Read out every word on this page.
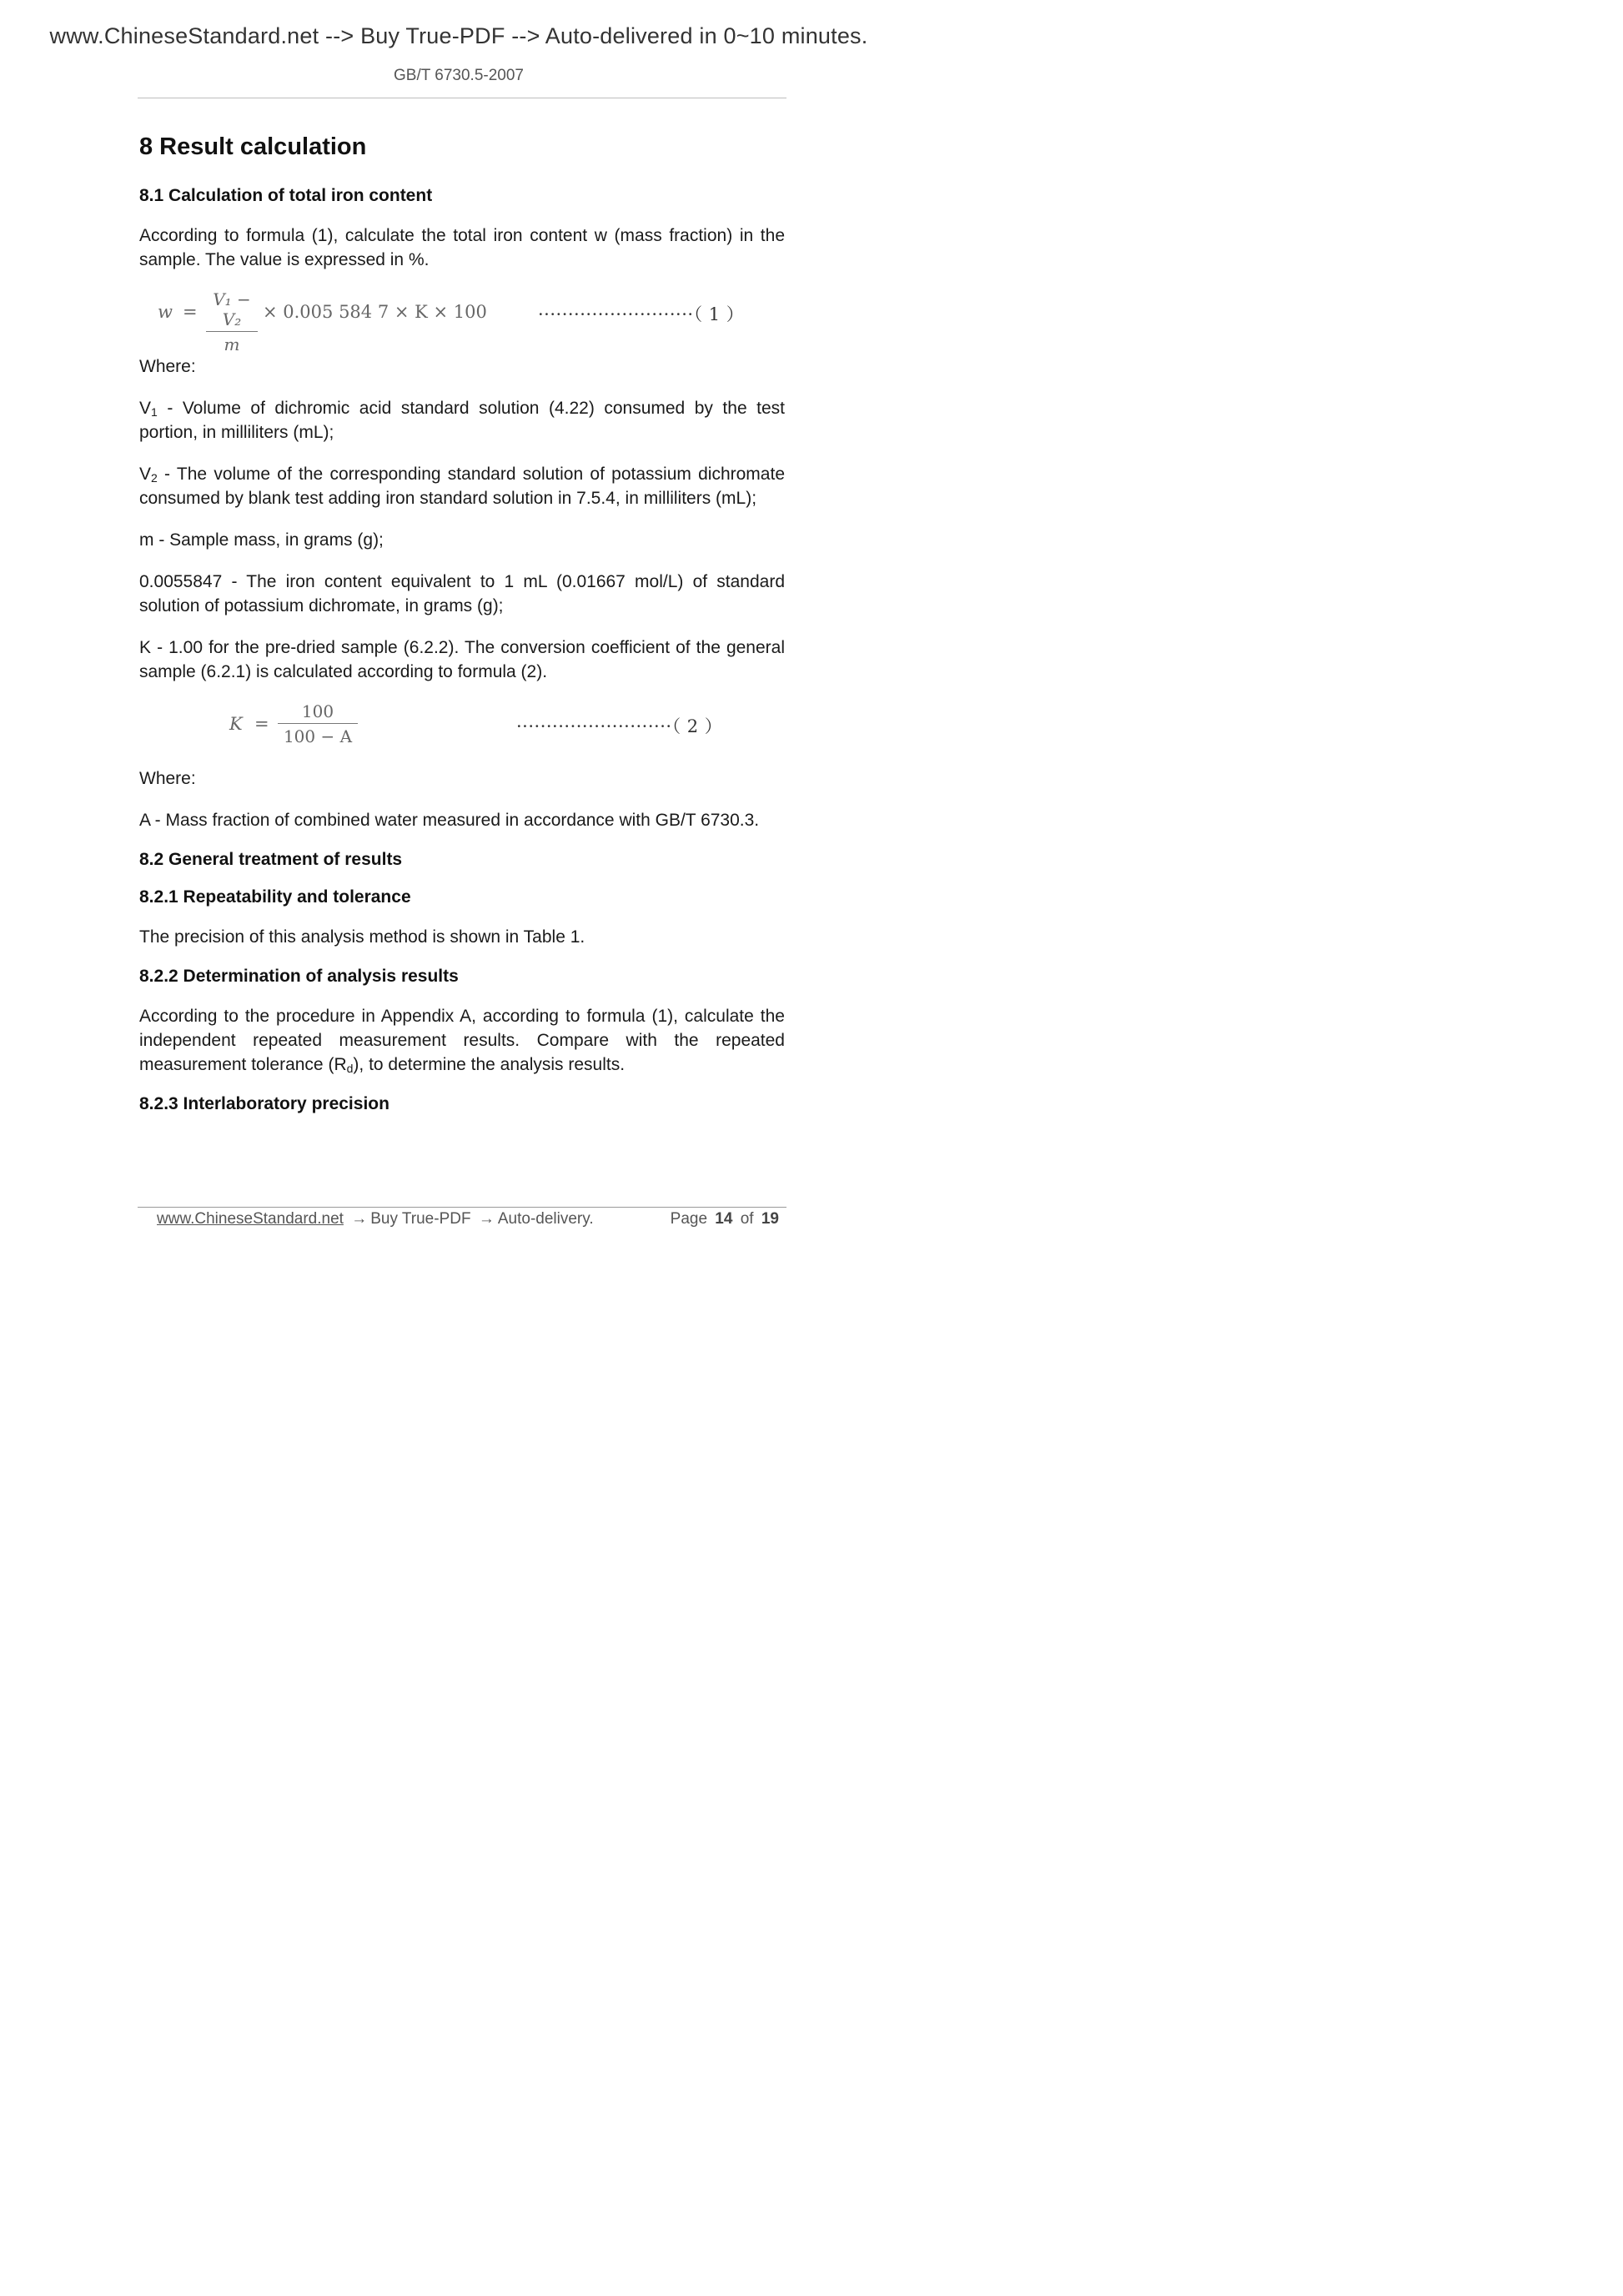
www.ChineseStandard.net --> Buy True-PDF --> Auto-delivered in 0~10 minutes.
GB/T 6730.5-2007
8 Result calculation
8.1 Calculation of total iron content

According to formula (1), calculate the total iron content w (mass fraction) in the sample. The value is expressed in %.

$w = \frac{\text{V₁ − V₂}}{m} \times 0.005$ 584 7 × K × 100	··························（ 1 ）

Where:

$V_1$ - Volume of dichromic acid standard solution (4.22) consumed by the test portion, in milliliters (mL);

$V_2$ - The volume of the corresponding standard solution of potassium dichromate consumed by blank test adding iron standard solution in 7.5.4, in milliliters (mL);

m - Sample mass, in grams (g);

0.0055847 - The iron content equivalent to 1 mL (0.01667 mol/L) of standard solution of potassium dichromate, in grams (g);

K - 1.00 for the pre-dried sample (6.2.2). The conversion coefficient of the general sample (6.2.1) is calculated according to formula (2).

$K = \frac{100}{100 - A}$	··························（ 2 ）

Where:

A - Mass fraction of combined water measured in accordance with GB/T 6730.3.

8.2 General treatment of results
8.2.1 Repeatability and tolerance

The precision of this analysis method is shown in Table 1.

8.2.2 Determination of analysis results

According to the procedure in Appendix A, according to formula (1), calculate the independent repeated measurement results. Compare with the repeated measurement tolerance $(R_d)$, to determine the analysis results.

8.2.3 Interlaboratory precision
www.ChineseStandard.net → Buy True-PDF → Auto-delivery.	Page 14 of 19
